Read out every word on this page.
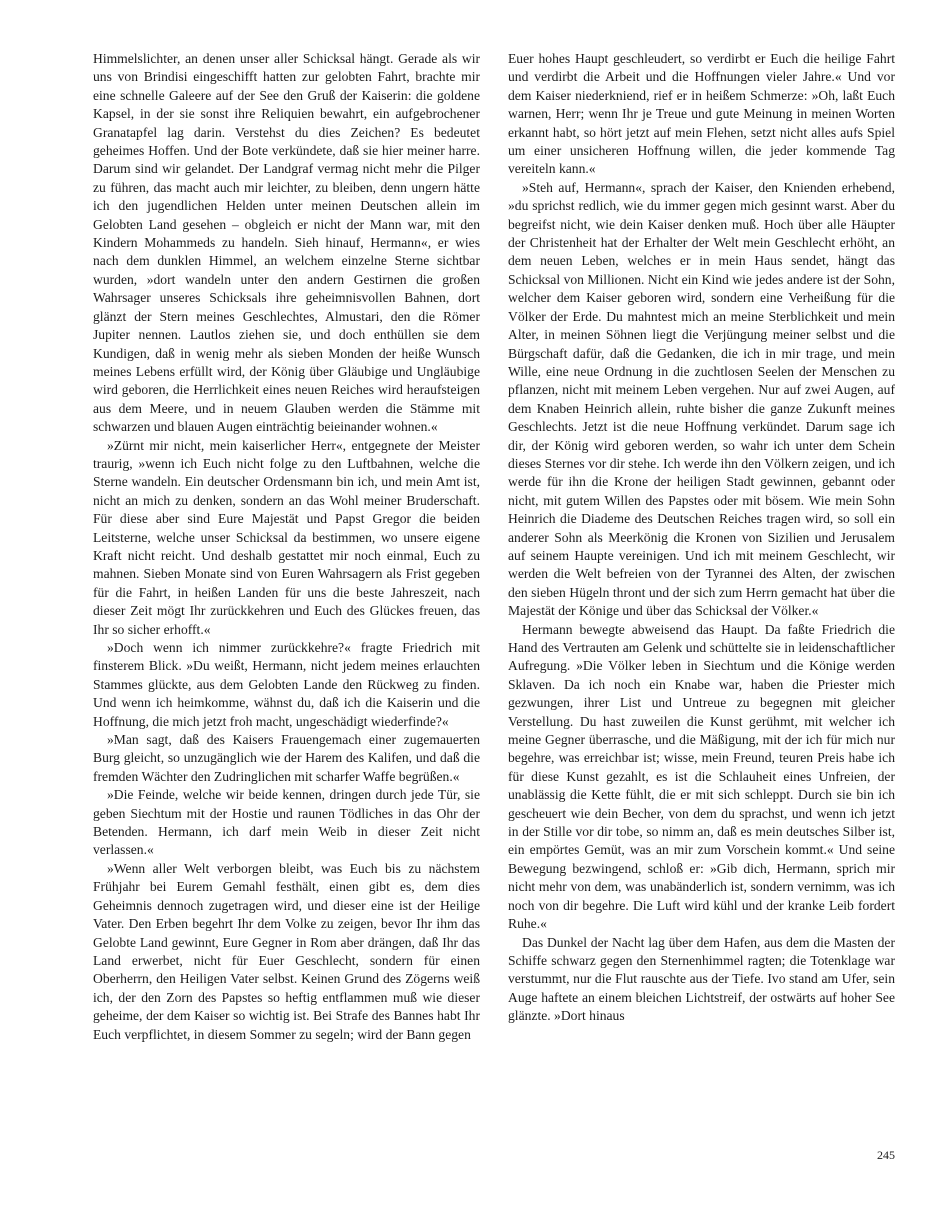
Himmelslichter, an denen unser aller Schicksal hängt. Gerade als wir uns von Brindisi eingeschifft hatten zur gelobten Fahrt, brachte mir eine schnelle Galeere auf der See den Gruß der Kaiserin: die goldene Kapsel, in der sie sonst ihre Reliquien bewahrt, ein aufgebrochener Granatapfel lag darin. Verstehst du dies Zeichen? Es bedeutet geheimes Hoffen. Und der Bote verkündete, daß sie hier meiner harre. Darum sind wir gelandet. Der Landgraf vermag nicht mehr die Pilger zu führen, das macht auch mir leichter, zu bleiben, denn ungern hätte ich den jugendlichen Helden unter meinen Deutschen allein im Gelobten Land gesehen – obgleich er nicht der Mann war, mit den Kindern Mohammeds zu handeln. Sieh hinauf, Hermann«, er wies nach dem dunklen Himmel, an welchem einzelne Sterne sichtbar wurden, »dort wandeln unter den andern Gestirnen die großen Wahrsager unseres Schicksals ihre geheimnisvollen Bahnen, dort glänzt der Stern meines Geschlechtes, Almustari, den die Römer Jupiter nennen. Lautlos ziehen sie, und doch enthüllen sie dem Kundigen, daß in wenig mehr als sieben Monden der heiße Wunsch meines Lebens erfüllt wird, der König über Gläubige und Ungläubige wird geboren, die Herrlichkeit eines neuen Reiches wird heraufsteigen aus dem Meere, und in neuem Glauben werden die Stämme mit schwarzen und blauen Augen einträchtig beieinander wohnen.«

»Zürnt mir nicht, mein kaiserlicher Herr«, entgegnete der Meister traurig, »wenn ich Euch nicht folge zu den Luftbahnen, welche die Sterne wandeln. Ein deutscher Ordensmann bin ich, und mein Amt ist, nicht an mich zu denken, sondern an das Wohl meiner Bruderschaft. Für diese aber sind Eure Majestät und Papst Gregor die beiden Leitsterne, welche unser Schicksal da bestimmen, wo unsere eigene Kraft nicht reicht. Und deshalb gestattet mir noch einmal, Euch zu mahnen. Sieben Monate sind von Euren Wahrsagern als Frist gegeben für die Fahrt, in heißen Landen für uns die beste Jahreszeit, nach dieser Zeit mögt Ihr zurückkehren und Euch des Glückes freuen, das Ihr so sicher erhofft.«

»Doch wenn ich nimmer zurückkehre?« fragte Friedrich mit finsterem Blick. »Du weißt, Hermann, nicht jedem meines erlauchten Stammes glückte, aus dem Gelobten Lande den Rückweg zu finden. Und wenn ich heimkomme, wähnst du, daß ich die Kaiserin und die Hoffnung, die mich jetzt froh macht, ungeschädigt wiederfinde?«

»Man sagt, daß des Kaisers Frauengemach einer zugemauerten Burg gleicht, so unzugänglich wie der Harem des Kalifen, und daß die fremden Wächter den Zudringlichen mit scharfer Waffe begrüßen.«

»Die Feinde, welche wir beide kennen, dringen durch jede Tür, sie geben Siechtum mit der Hostie und raunen Tödliches in das Ohr der Betenden. Hermann, ich darf mein Weib in dieser Zeit nicht verlassen.«

»Wenn aller Welt verborgen bleibt, was Euch bis zu nächstem Frühjahr bei Eurem Gemahl festhält, einen gibt es, dem dies Geheimnis dennoch zugetragen wird, und dieser eine ist der Heilige Vater. Den Erben begehrt Ihr dem Volke zu zeigen, bevor Ihr ihm das Gelobte Land gewinnt, Eure Gegner in Rom aber drängen, daß Ihr das Land erwerbet, nicht für Euer Geschlecht, sondern für einen Oberherrn, den Heiligen Vater selbst. Keinen Grund des Zögerns weiß ich, der den Zorn des Papstes so heftig entflammen muß wie dieser geheime, der dem Kaiser so wichtig ist. Bei Strafe des Bannes habt Ihr Euch verpflichtet, in diesem Sommer zu segeln; wird der Bann gegen

Euer hohes Haupt geschleudert, so verdirbt er Euch die heilige Fahrt und verdirbt die Arbeit und die Hoffnungen vieler Jahre.« Und vor dem Kaiser niederkniend, rief er in heißem Schmerze: »Oh, laßt Euch warnen, Herr; wenn Ihr je Treue und gute Meinung in meinen Worten erkannt habt, so hört jetzt auf mein Flehen, setzt nicht alles aufs Spiel um einer unsicheren Hoffnung willen, die jeder kommende Tag vereiteln kann.«

»Steh auf, Hermann«, sprach der Kaiser, den Knienden erhebend, »du sprichst redlich, wie du immer gegen mich gesinnt warst. Aber du begreifst nicht, wie dein Kaiser denken muß. Hoch über alle Häupter der Christenheit hat der Erhalter der Welt mein Geschlecht erhöht, an dem neuen Leben, welches er in mein Haus sendet, hängt das Schicksal von Millionen. Nicht ein Kind wie jedes andere ist der Sohn, welcher dem Kaiser geboren wird, sondern eine Verheißung für die Völker der Erde. Du mahntest mich an meine Sterblichkeit und mein Alter, in meinen Söhnen liegt die Verjüngung meiner selbst und die Bürgschaft dafür, daß die Gedanken, die ich in mir trage, und mein Wille, eine neue Ordnung in die zuchtlosen Seelen der Menschen zu pflanzen, nicht mit meinem Leben vergehen. Nur auf zwei Augen, auf dem Knaben Heinrich allein, ruhte bisher die ganze Zukunft meines Geschlechts. Jetzt ist die neue Hoffnung verkündet. Darum sage ich dir, der König wird geboren werden, so wahr ich unter dem Schein dieses Sternes vor dir stehe. Ich werde ihn den Völkern zeigen, und ich werde für ihn die Krone der heiligen Stadt gewinnen, gebannt oder nicht, mit gutem Willen des Papstes oder mit bösem. Wie mein Sohn Heinrich die Diademe des Deutschen Reiches tragen wird, so soll ein anderer Sohn als Meerkönig die Kronen von Sizilien und Jerusalem auf seinem Haupte vereinigen. Und ich mit meinem Geschlecht, wir werden die Welt befreien von der Tyrannei des Alten, der zwischen den sieben Hügeln thront und der sich zum Herrn gemacht hat über die Majestät der Könige und über das Schicksal der Völker.«

Hermann bewegte abweisend das Haupt. Da faßte Friedrich die Hand des Vertrauten am Gelenk und schüttelte sie in leidenschaftlicher Aufregung. »Die Völker leben in Siechtum und die Könige werden Sklaven. Da ich noch ein Knabe war, haben die Priester mich gezwungen, ihrer List und Untreue zu begegnen mit gleicher Verstellung. Du hast zuweilen die Kunst gerühmt, mit welcher ich meine Gegner überrasche, und die Mäßigung, mit der ich für mich nur begehre, was erreichbar ist; wisse, mein Freund, teuren Preis habe ich für diese Kunst gezahlt, es ist die Schlauheit eines Unfreien, der unablässig die Kette fühlt, die er mit sich schleppt. Durch sie bin ich gescheuert wie dein Becher, von dem du sprachst, und wenn ich jetzt in der Stille vor dir tobe, so nimm an, daß es mein deutsches Silber ist, ein empörtes Gemüt, was an mir zum Vorschein kommt.« Und seine Bewegung bezwingend, schloß er: »Gib dich, Hermann, sprich mir nicht mehr von dem, was unabänderlich ist, sondern vernimm, was ich noch von dir begehre. Die Luft wird kühl und der kranke Leib fordert Ruhe.«

Das Dunkel der Nacht lag über dem Hafen, aus dem die Masten der Schiffe schwarz gegen den Sternenhimmel ragten; die Totenklage war verstummt, nur die Flut rauschte aus der Tiefe. Ivo stand am Ufer, sein Auge haftete an einem bleichen Lichtstreif, der ostwärts auf hoher See glänzte. »Dort hinaus

245
